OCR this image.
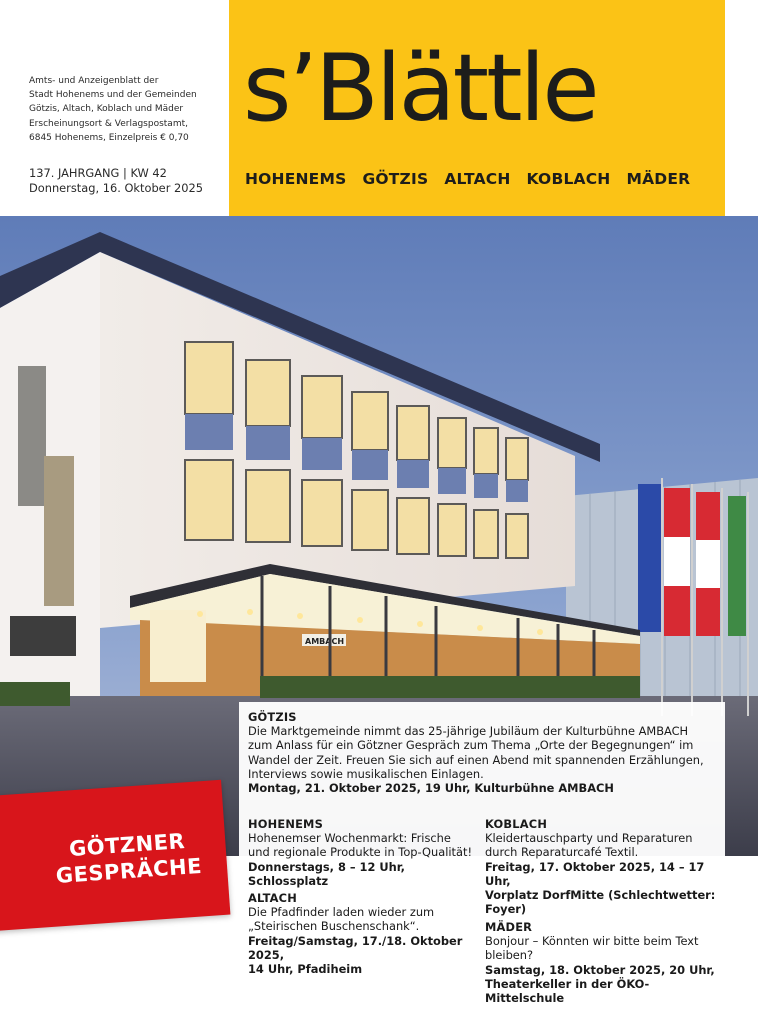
Amts- und Anzeigenblatt der
Stadt Hohenems und der Gemeinden
Götzis, Altach, Koblach und Mäder
Erscheinungsort & Verlagspostamt,
6845 Hohenems, Einzelpreis € 0,70
137. JAHRGANG | KW 42
Donnerstag, 16. Oktober 2025
s’Blättle
HOHENEMS GÖTZIS ALTACH KOBLACH MÄDER
AMBACH
GÖTZNER
GESPRÄCHE
GÖTZIS

Die Marktgemeinde nimmt das 25-jährige Jubiläum der Kulturbühne AMBACH

zum Anlass für ein Götzner Gespräch zum Thema „Orte der Begegnungen“ im

Wandel der Zeit. Freuen Sie sich auf einen Abend mit spannenden Erzählungen,

Interviews sowie musikalischen Einlagen.

Montag, 21. Oktober 2025, 19 Uhr, Kulturbühne AMBACH

HOHENEMS

Hohenemser Wochenmarkt: Frische

und regionale Produkte in Top-Qualität!

Donnerstags, 8 – 12 Uhr, Schlossplatz

ALTACH

Die Pfadfinder laden wieder zum

„Steirischen Buschenschank“.

Freitag/Samstag, 17./18. Oktober 2025,

14 Uhr, Pfadiheim

KOBLACH

Kleidertauschparty und Reparaturen

durch Reparaturcafé Textil.

Freitag, 17. Oktober 2025, 14 – 17 Uhr,

Vorplatz DorfMitte (Schlechtwetter:

Foyer)

MÄDER

Bonjour – Könnten wir bitte beim Text

bleiben?

Samstag, 18. Oktober 2025, 20 Uhr,

Theaterkeller in der ÖKO-Mittelschule
